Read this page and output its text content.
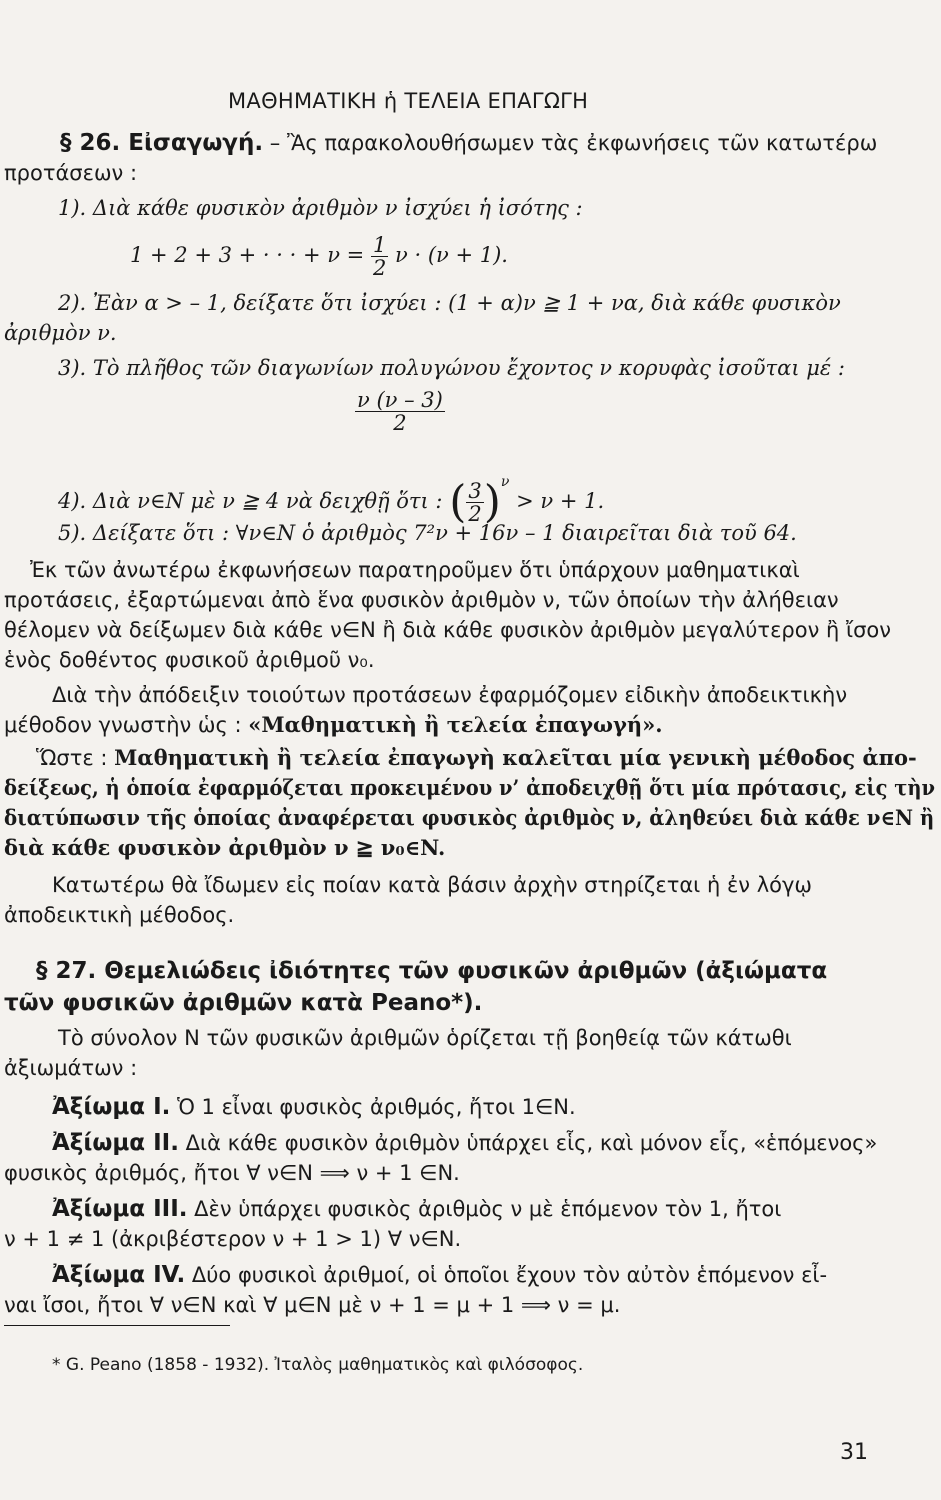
ΜΑΘΗΜΑΤΙΚΗ ἡ ΤΕΛΕΙΑ ΕΠΑΓΩΓΗ
§ 26. Εἰσαγωγή. – Ἂς παρακολουθήσωμεν τὰς ἐκφωνήσεις τῶν κατωτέρω
προτάσεων :
1). Διὰ κάθε φυσικὸν ἀριθμὸν ν ἰσχύει ἡ ἰσότης :
1 + 2 + 3 + · · · + $\nu = \frac{1}{2}$ ν · (ν + 1).
2). Ἐὰν α > – 1, δείξατε ὅτι ἰσχύει : (1 + α)ν ≧ 1 + να, διὰ κάθε φυσικὸν
ἀριθμὸν ν.
3). Τὸ πλῆθος τῶν διαγωνίων πολυγώνου ἔχοντος ν κορυφὰς ἰσοῦται μέ :
$\frac{\nu (\nu - 3)}{2}$
4). Διὰ ν∈N μὲ ν ≧ 4 νὰ δειχθῇ ὅτι : ( $\frac{3}{2} )^\nu > \nu + 1$.
5). Δείξατε ὅτι : ∀ν∈N ὁ ἀριθμὸς 7²ν + 16ν – 1 διαιρεῖται διὰ τοῦ 64.
Ἐκ τῶν ἀνωτέρω ἐκφωνήσεων παρατηροῦμεν ὅτι ὑπάρχουν μαθηματικαὶ
προτάσεις, ἐξαρτώμεναι ἀπὸ ἕνα φυσικὸν ἀριθμὸν ν, τῶν ὁποίων τὴν ἀλήθειαν
θέλομεν νὰ δείξωμεν διὰ κάθε ν∈N ἢ διὰ κάθε φυσικὸν ἀριθμὸν μεγαλύτερον ἢ ἴσον
ἑνὸς δοθέντος φυσικοῦ ἀριθμοῦ ν₀.
Διὰ τὴν ἀπόδειξιν τοιούτων προτάσεων ἐφαρμόζομεν εἰδικὴν ἀποδεικτικὴν
μέθοδον γνωστὴν ὡς : «Μαθηματικὴ ἢ τελεία ἐπαγωγή».
Ὥστε : Μαθηματικὴ ἢ τελεία ἐπαγωγὴ καλεῖται μία γενικὴ μέθοδος ἀπο-
δείξεως, ἡ ὁποία ἐφαρμόζεται προκειμένου ν’ ἀποδειχθῇ ὅτι μία πρότασις, εἰς τὴν
διατύπωσιν τῆς ὁποίας ἀναφέρεται φυσικὸς ἀριθμὸς ν, ἀληθεύει διὰ κάθε ν∈N ἢ
διὰ κάθε φυσικὸν ἀριθμὸν ν ≧ ν₀∈N.
Κατωτέρω θὰ ἴδωμεν εἰς ποίαν κατὰ βάσιν ἀρχὴν στηρίζεται ἡ ἐν λόγῳ
ἀποδεικτικὴ μέθοδος.
§ 27. Θεμελιώδεις ἰδιότητες τῶν φυσικῶν ἀριθμῶν (ἀξιώματα
τῶν φυσικῶν ἀριθμῶν κατὰ Peano*).
Τὸ σύνολον N τῶν φυσικῶν ἀριθμῶν ὁρίζεται τῇ βοηθείᾳ τῶν κάτωθι
ἀξιωμάτων :
Ἀξίωμα I. Ὁ 1 εἶναι φυσικὸς ἀριθμός, ἤτοι 1∈N.
Ἀξίωμα II. Διὰ κάθε φυσικὸν ἀριθμὸν ὑπάρχει εἷς, καὶ μόνον εἷς, «ἑπόμενος»
φυσικὸς ἀριθμός, ἤτοι ∀ ν∈N ⟹ ν + 1 ∈N.
Ἀξίωμα III. Δὲν ὑπάρχει φυσικὸς ἀριθμὸς ν μὲ ἑπόμενον τὸν 1, ἤτοι
ν + 1 ≠ 1 (ἀκριβέστερον ν + 1 > 1) ∀ ν∈N.
Ἀξίωμα IV. Δύο φυσικοὶ ἀριθμοί, οἱ ὁποῖοι ἔχουν τὸν αὐτὸν ἑπόμενον εἶ-
ναι ἴσοι, ἤτοι ∀ ν∈N καὶ ∀ μ∈N μὲ ν + 1 = μ + 1 ⟹ ν = μ.
* G. Peano (1858 - 1932). Ἰταλὸς μαθηματικὸς καὶ φιλόσοφος.
31
